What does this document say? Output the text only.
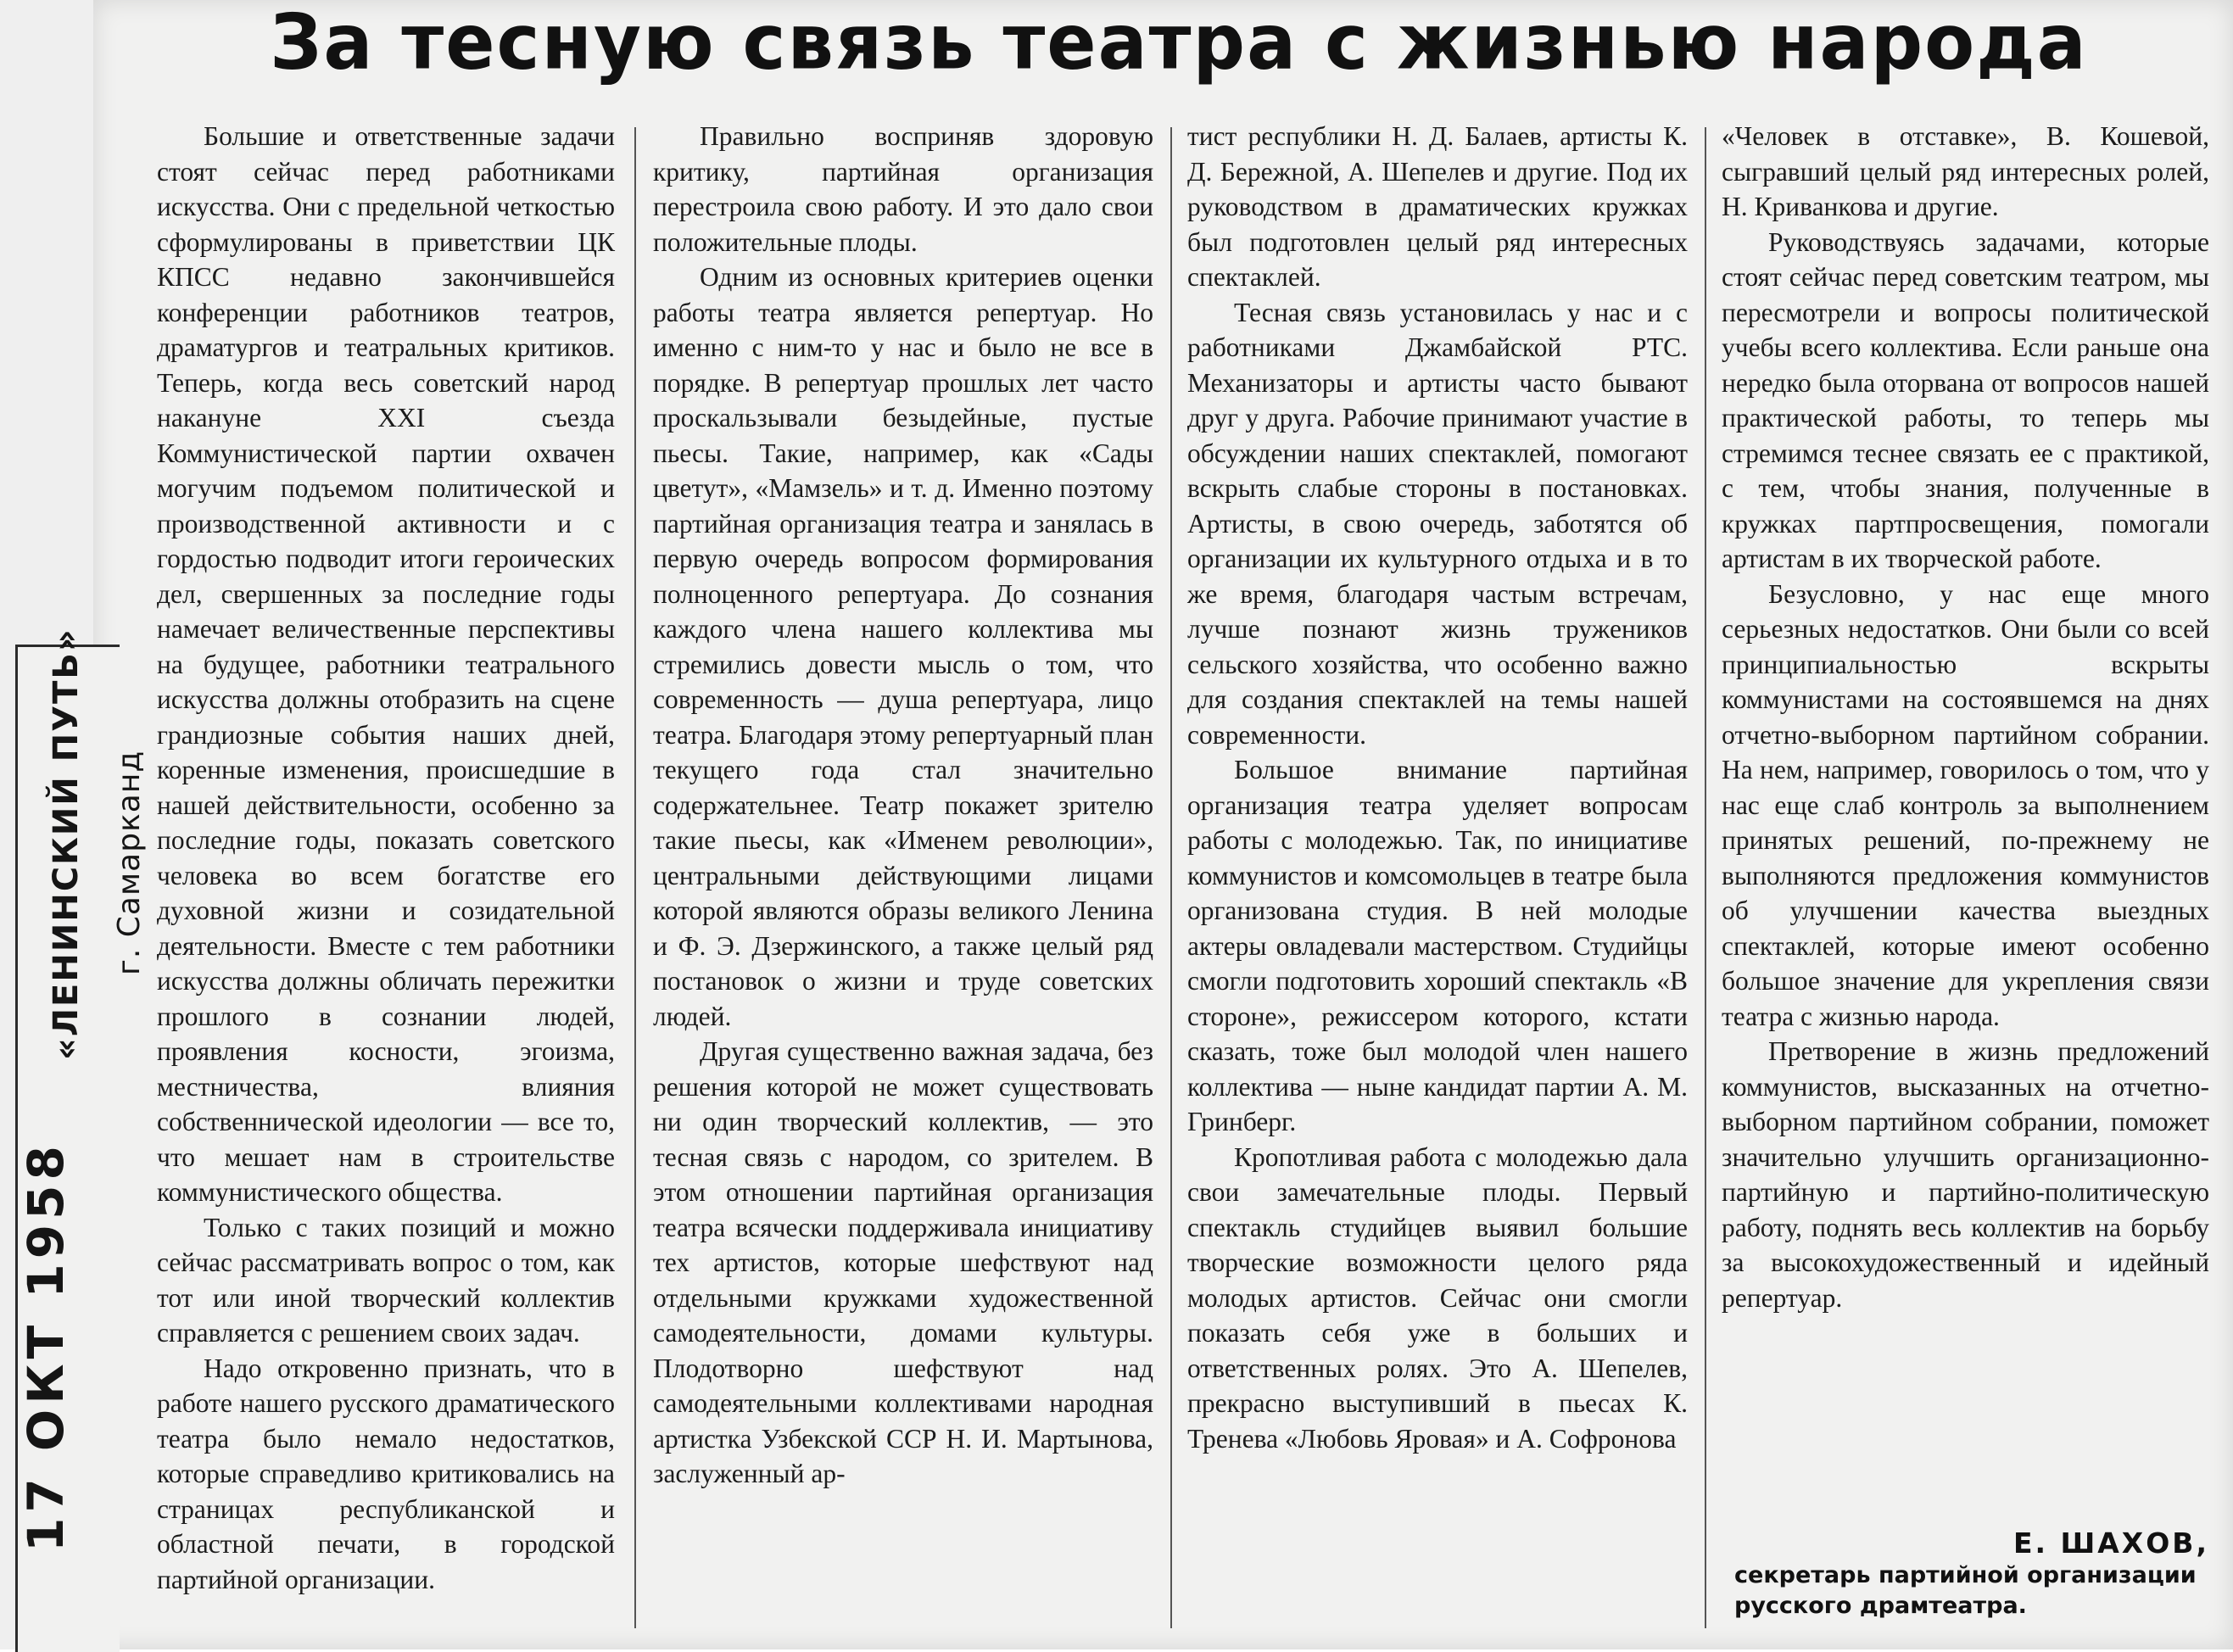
За тесную связь театра с жизнью народа

Большие и ответственные задачи стоят сейчас перед работниками искусства. Они с предельной четкостью сформулированы в приветствии ЦК КПСС недавно закончившейся конференции работников театров, драматургов и театральных критиков. Теперь, когда весь советский народ накануне XXI съезда Коммунистической партии охвачен могучим подъемом политической и производственной активности и с гордостью подводит итоги героических дел, свершенных за последние годы намечает величественные перспективы на будущее, работники театрального искусства должны отобразить на сцене грандиозные события наших дней, коренные изменения, происшедшие в нашей действительности, особенно за последние годы, показать советского человека во всем богатстве его духовной жизни и созидательной деятельности. Вместе с тем работники искусства должны обличать пережитки прошлого в сознании людей, проявления косности, эгоизма, местничества, влияния собственнической идеологии — все то, что мешает нам в строительстве коммунистического общества.

Только с таких позиций и можно сейчас рассматривать вопрос о том, как тот или иной творческий коллектив справляется с решением своих задач.

Надо откровенно признать, что в работе нашего русского драматического театра было немало недостатков, которые справедливо критиковались на страницах республиканской и областной печати, в городской партийной организации.

Правильно восприняв здоровую критику, партийная организация перестроила свою работу. И это дало свои положительные плоды.

Одним из основных критериев оценки работы театра является репертуар. Но именно с ним-то у нас и было не все в порядке. В репертуар прошлых лет часто проскальзывали безыдейные, пустые пьесы. Такие, например, как «Сады цветут», «Мамзель» и т. д. Именно поэтому партийная организация театра и занялась в первую очередь вопросом формирования полноценного репертуара. До сознания каждого члена нашего коллектива мы стремились довести мысль о том, что современность — душа репертуара, лицо театра. Благодаря этому репертуарный план текущего года стал значительно содержательнее. Театр покажет зрителю такие пьесы, как «Именем революции», центральными действующими лицами которой являются образы великого Ленина и Ф. Э. Дзержинского, а также целый ряд постановок о жизни и труде советских людей.

Другая существенно важная задача, без решения которой не может существовать ни один творческий коллектив, — это тесная связь с народом, со зрителем. В этом отношении партийная организация театра всячески поддерживала инициативу тех артистов, которые шефствуют над отдельными кружками художественной самодеятельности, домами культуры. Плодотворно шефствуют над самодеятельными коллективами народная артистка Узбекской ССР Н. И. Мартынова, заслуженный ар-

тист республики Н. Д. Балаев, артисты К. Д. Бережной, А. Шепелев и другие. Под их руководством в драматических кружках был подготовлен целый ряд интересных спектаклей.

Тесная связь установилась у нас и с работниками Джамбайской РТС. Механизаторы и артисты часто бывают друг у друга. Рабочие принимают участие в обсуждении наших спектаклей, помогают вскрыть слабые стороны в постановках. Артисты, в свою очередь, заботятся об организации их культурного отдыха и в то же время, благодаря частым встречам, лучше познают жизнь тружеников сельского хозяйства, что особенно важно для создания спектаклей на темы нашей современности.

Большое внимание партийная организация театра уделяет вопросам работы с молодежью. Так, по инициативе коммунистов и комсомольцев в театре была организована студия. В ней молодые актеры овладевали мастерством. Студийцы смогли подготовить хороший спектакль «В стороне», режиссером которого, кстати сказать, тоже был молодой член нашего коллектива — ныне кандидат партии А. М. Гринберг.

Кропотливая работа с молодежью дала свои замечательные плоды. Первый спектакль студийцев выявил большие творческие возможности целого ряда молодых артистов. Сейчас они смогли показать себя уже в больших и ответственных ролях. Это А. Шепелев, прекрасно выступивший в пьесах К. Тренева «Любовь Яровая» и А. Софронова

«Человек в отставке», В. Кошевой, сыгравший целый ряд интересных ролей, Н. Криванкова и другие.

Руководствуясь задачами, которые стоят сейчас перед советским театром, мы пересмотрели и вопросы политической учебы всего коллектива. Если раньше она нередко была оторвана от вопросов нашей практической работы, то теперь мы стремимся теснее связать ее с практикой, с тем, чтобы знания, полученные в кружках партпросвещения, помогали артистам в их творческой работе.

Безусловно, у нас еще много серьезных недостатков. Они были со всей принципиальностью вскрыты коммунистами на состоявшемся на днях отчетно-выборном партийном собрании. На нем, например, говорилось о том, что у нас еще слаб контроль за выполнением принятых решений, по-прежнему не выполняются предложения коммунистов об улучшении качества выездных спектаклей, которые имеют особенно большое значение для укрепления связи театра с жизнью народа.

Претворение в жизнь предложений коммунистов, высказанных на отчетно-выборном партийном собрании, поможет значительно улучшить организационно-партийную и партийно-политическую работу, поднять весь коллектив на борьбу за высокохудожественный и идейный репертуар.

Е. ШАХОВ,
секретарь партийной организации русского драмтеатра.
«ЛЕНИНСКИЙ ПУТЬ» г. Самарканд
17 ОКТ 1958
